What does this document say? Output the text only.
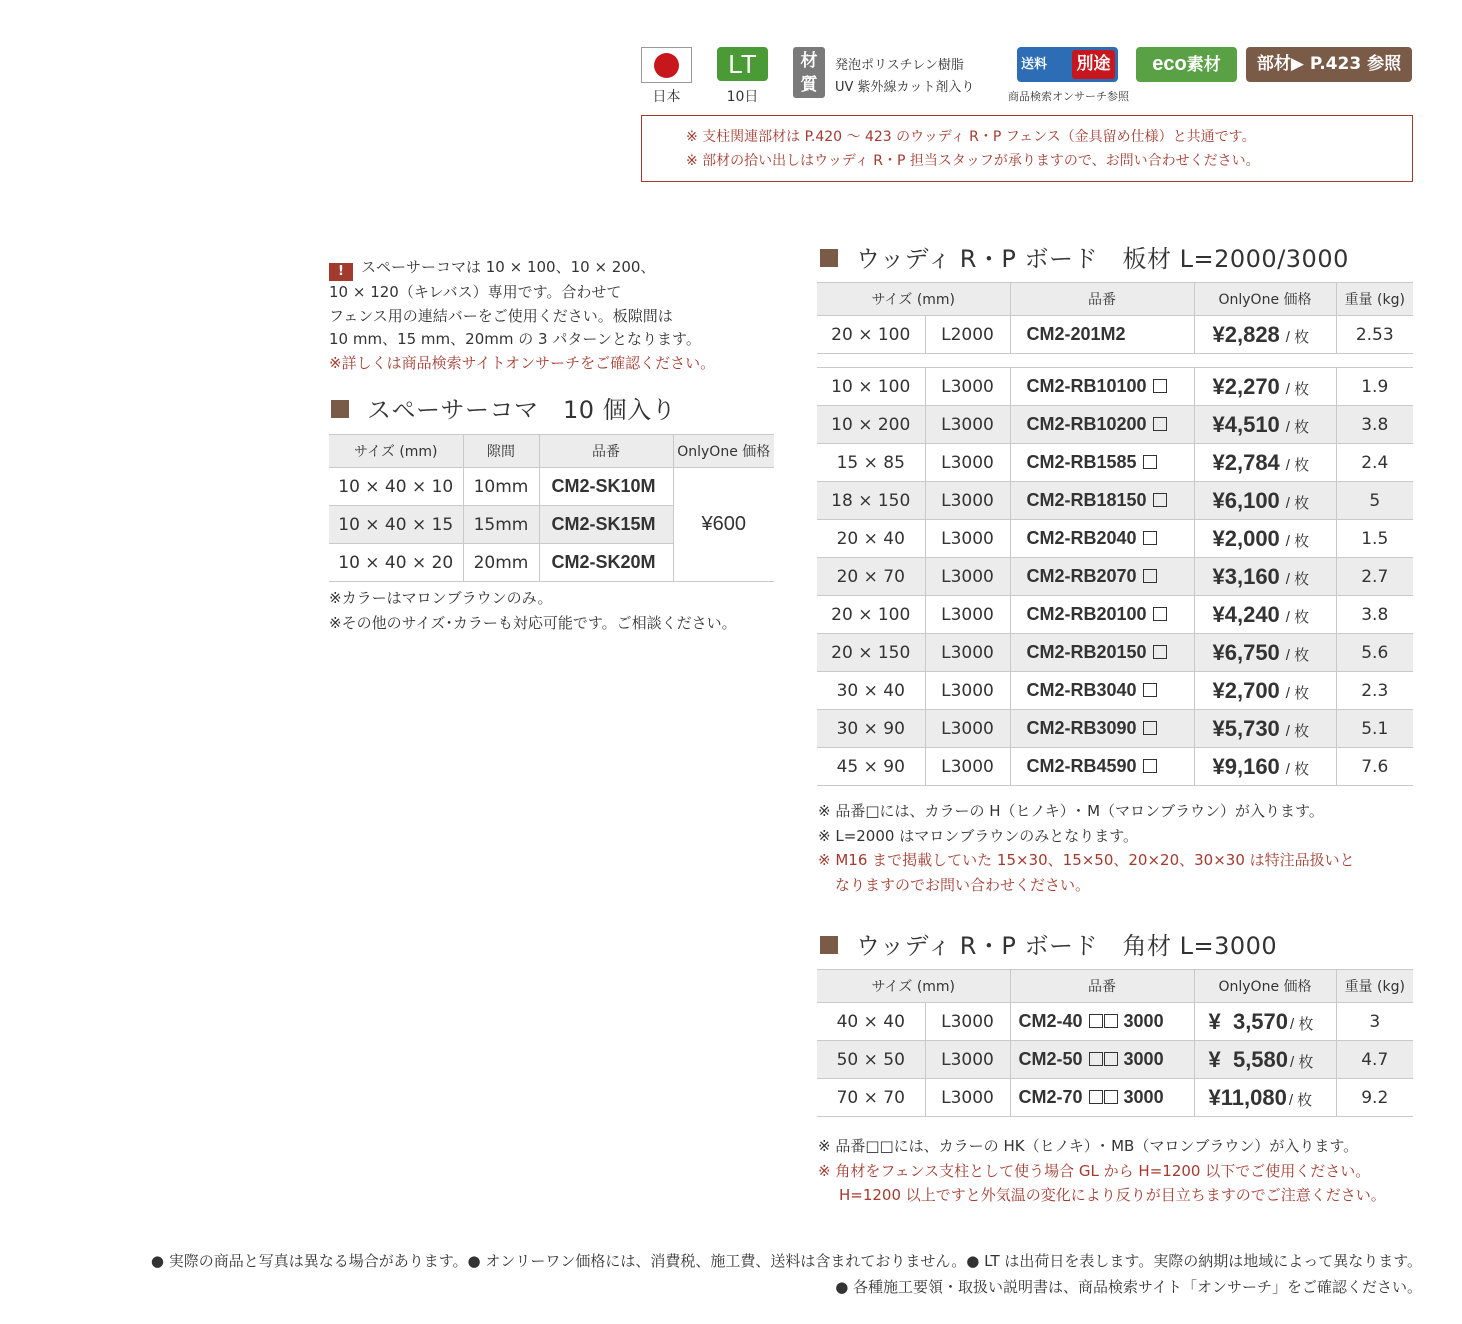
日本
LT
10日
材
質
発泡ポリスチレン樹脂
UV 紫外線カット剤入り
送料 別途
商品検索オンサーチ参照
eco素材	部材▶ P.423 参照

※ 支柱関連部材は P.420 〜 423 のウッディ R・P フェンス（金具留め仕様）と共通です。

※ 部材の拾い出しはウッディ R・P 担当スタッフが承りますので、お問い合わせください。

! スペーサーコマは 10 × 100、10 × 200、
10 × 120（キレバス）専用です。合わせて
フェンス用の連結バーをご使用ください。板隙間は
10 mm、15 mm、20mm の 3 パターンとなります。
※詳しくは商品検索サイトオンサーチをご確認ください。
スペーサーコマ　10 個入り
サイズ (mm)	隙間	品番	OnlyOne 価格
10 × 40 × 10	10mm	CM2-SK10M	¥600
10 × 40 × 15	15mm	CM2-SK15M	
10 × 40 × 20	20mm	CM2-SK20M	
※カラーはマロンブラウンのみ。
※その他のサイズ･カラーも対応可能です。ご相談ください。
ウッディ R・P ボード　板材 L=2000/3000
サイズ (mm)		品番	OnlyOne 価格	重量 (kg)
20 × 100	L2000	CM2-201M2	¥2,828 / 枚	2.53

10 × 100	L3000	CM2-RB10100	¥2,270 / 枚	1.9
10 × 200	L3000	CM2-RB10200	¥4,510 / 枚	3.8
15 × 85	L3000	CM2-RB1585	¥2,784 / 枚	2.4
18 × 150	L3000	CM2-RB18150	¥6,100 / 枚	5
20 × 40	L3000	CM2-RB2040	¥2,000 / 枚	1.5
20 × 70	L3000	CM2-RB2070	¥3,160 / 枚	2.7
20 × 100	L3000	CM2-RB20100	¥4,240 / 枚	3.8
20 × 150	L3000	CM2-RB20150	¥6,750 / 枚	5.6
30 × 40	L3000	CM2-RB3040	¥2,700 / 枚	2.3
30 × 90	L3000	CM2-RB3090	¥5,730 / 枚	5.1
45 × 90	L3000	CM2-RB4590	¥9,160 / 枚	7.6
※ 品番□には、カラーの H（ヒノキ）･ M（マロンブラウン）が入ります。
※ L=2000 はマロンブラウンのみとなります。
※ M16 まで掲載していた 15×30、15×50、20×20、30×30 は特注品扱いと
なりますのでお問い合わせください。
ウッディ R・P ボード　角材 L=3000
サイズ (mm)		品番	OnlyOne 価格	重量 (kg)
40 × 40	L3000	CM2-40 3000	¥  3,570 / 枚	3
50 × 50	L3000	CM2-50 3000	¥  5,580 / 枚	4.7
70 × 70	L3000	CM2-70 3000	¥11,080 / 枚	9.2
※ 品番□□には、カラーの HK（ヒノキ）･ MB（マロンブラウン）が入ります。
※ 角材をフェンス支柱として使う場合 GL から H=1200 以下でご使用ください。
H=1200 以上ですと外気温の変化により反りが目立ちますのでご注意ください。
● 実際の商品と写真は異なる場合があります。● オンリーワン価格には、消費税、施工費、送料は含まれておりません。● LT は出荷日を表します。実際の納期は地域によって異なります。
● 各種施工要領・取扱い説明書は、商品検索サイト「オンサーチ」をご確認ください。
